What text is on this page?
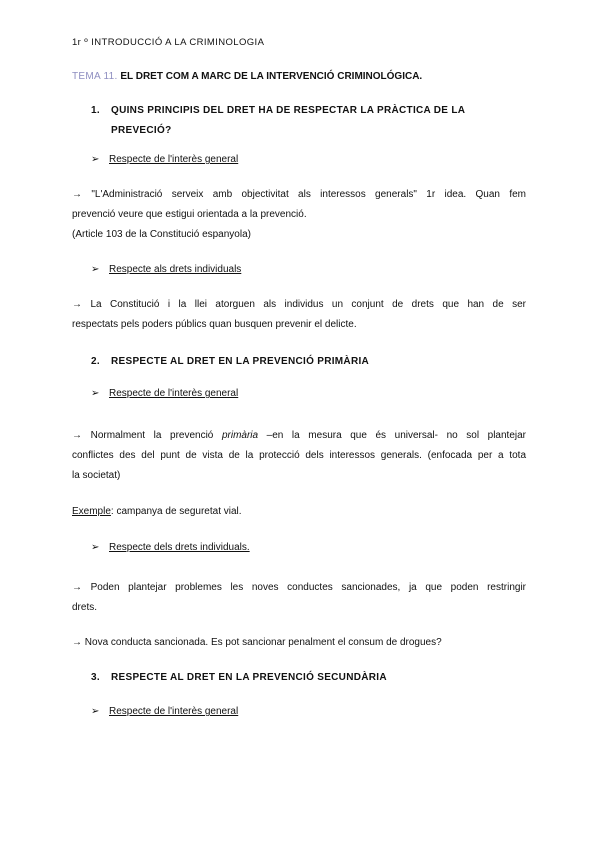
1r º INTRODUCCIÓ A LA CRIMINOLOGIA
TEMA 11. EL DRET COM A MARC DE LA INTERVENCIÓ CRIMINOLÓGICA.
1. QUINS PRINCIPIS DEL DRET HA DE RESPECTAR LA PRÀCTICA DE LA
PREVECIÓ?
➢ Respecte de l'interès general
→ "L'Administració serveix amb objectivitat als interessos generals" 1r idea. Quan fem
prevenció veure que estigui orientada a la prevenció.
(Article 103 de la Constitució espanyola)
➢ Respecte als drets individuals
→ La Constitució i la llei atorguen als individus un conjunt de drets que han de ser
respectats pels poders públics quan busquen prevenir el delicte.
2. RESPECTE AL DRET EN LA PREVENCIÓ PRIMÀRIA
➢ Respecte de l'interès general
→ Normalment la prevenció primària –en la mesura que és universal- no sol plantejar
conflictes des del punt de vista de la protecció dels interessos generals. (enfocada per a tota
la societat)
Exemple: campanya de seguretat vial.
➢ Respecte dels drets individuals.
→ Poden plantejar problemes les noves conductes sancionades, ja que poden restringir
drets.
→ Nova conducta sancionada. Es pot sancionar penalment el consum de drogues?
3. RESPECTE AL DRET EN LA PREVENCIÓ SECUNDÀRIA
➢ Respecte de l'interès general
